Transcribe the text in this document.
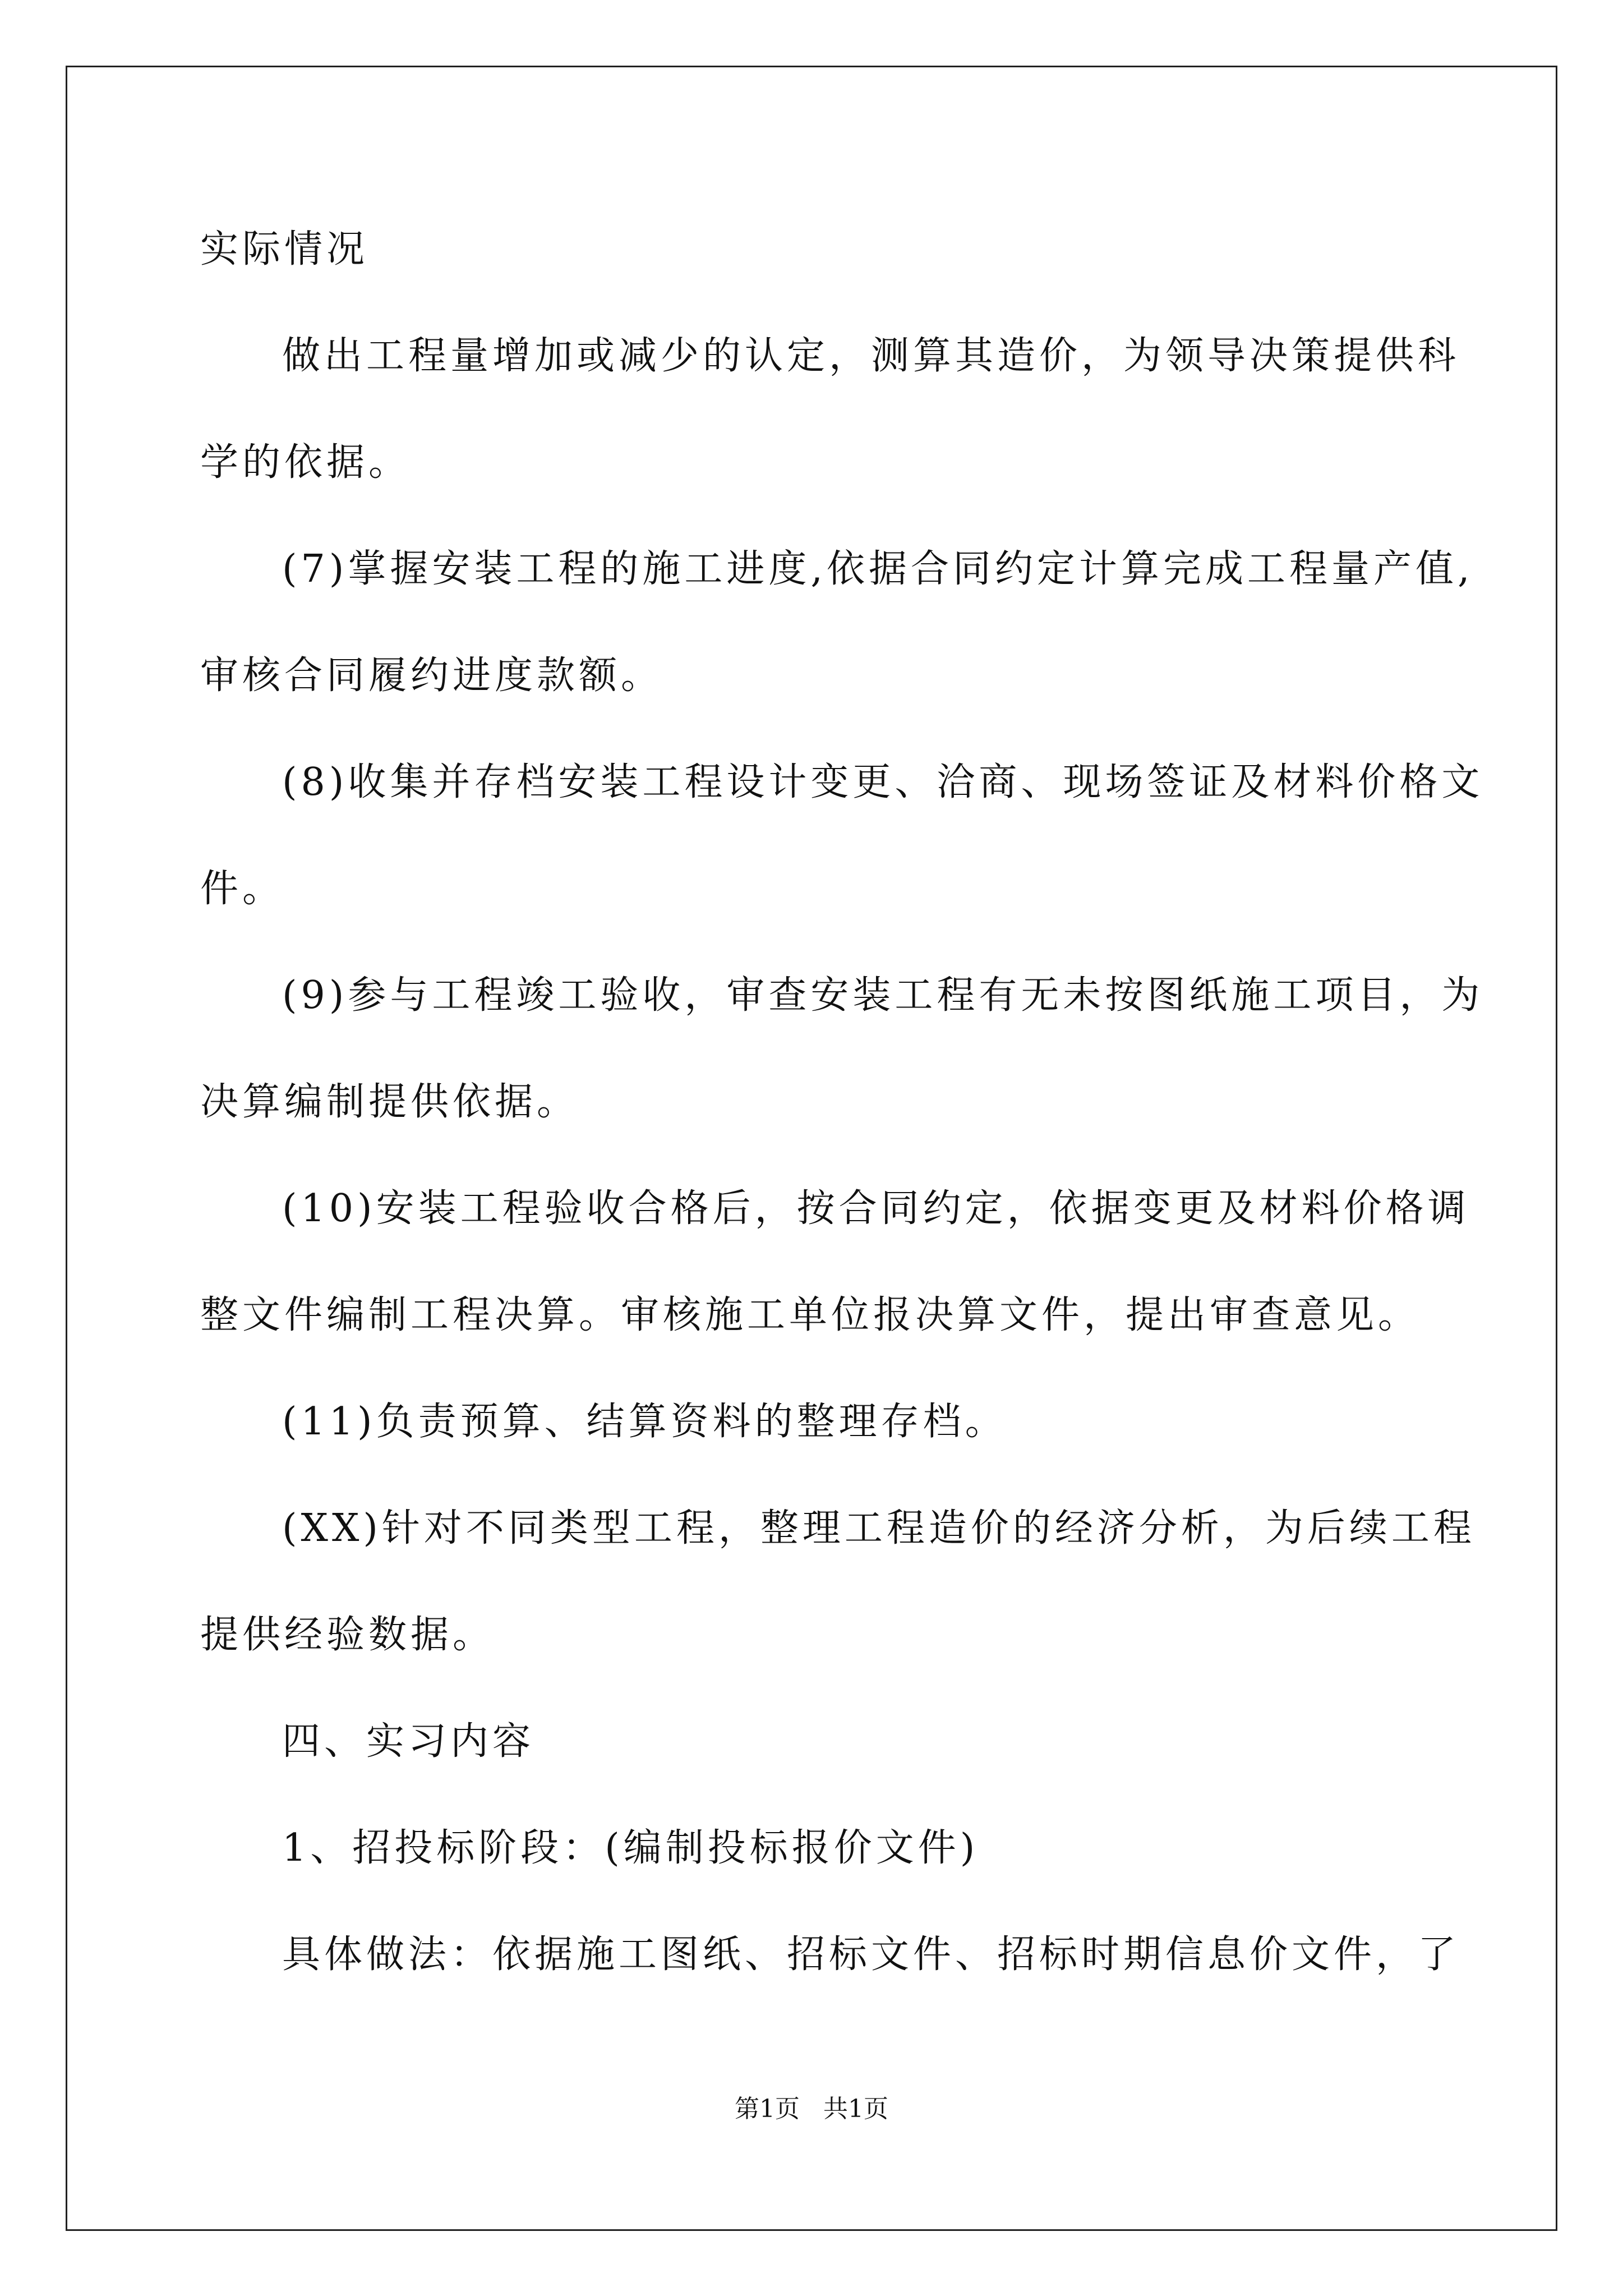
实际情况
做出工程量增加或减少的认定，测算其造价，为领导决策提供科
学的依据。
(7)掌握安装工程的施工进度,依据合同约定计算完成工程量产值,
审核合同履约进度款额。
(8)收集并存档安装工程设计变更、洽商、现场签证及材料价格文
件。
(9)参与工程竣工验收，审查安装工程有无未按图纸施工项目，为
决算编制提供依据。
(10)安装工程验收合格后，按合同约定，依据变更及材料价格调
整文件编制工程决算。审核施工单位报决算文件，提出审查意见。
(11)负责预算、结算资料的整理存档。
(XX)针对不同类型工程，整理工程造价的经济分析，为后续工程
提供经验数据。
四、实习内容
1、招投标阶段：(编制投标报价文件)
具体做法：依据施工图纸、招标文件、招标时期信息价文件，了
第1页   共1页
